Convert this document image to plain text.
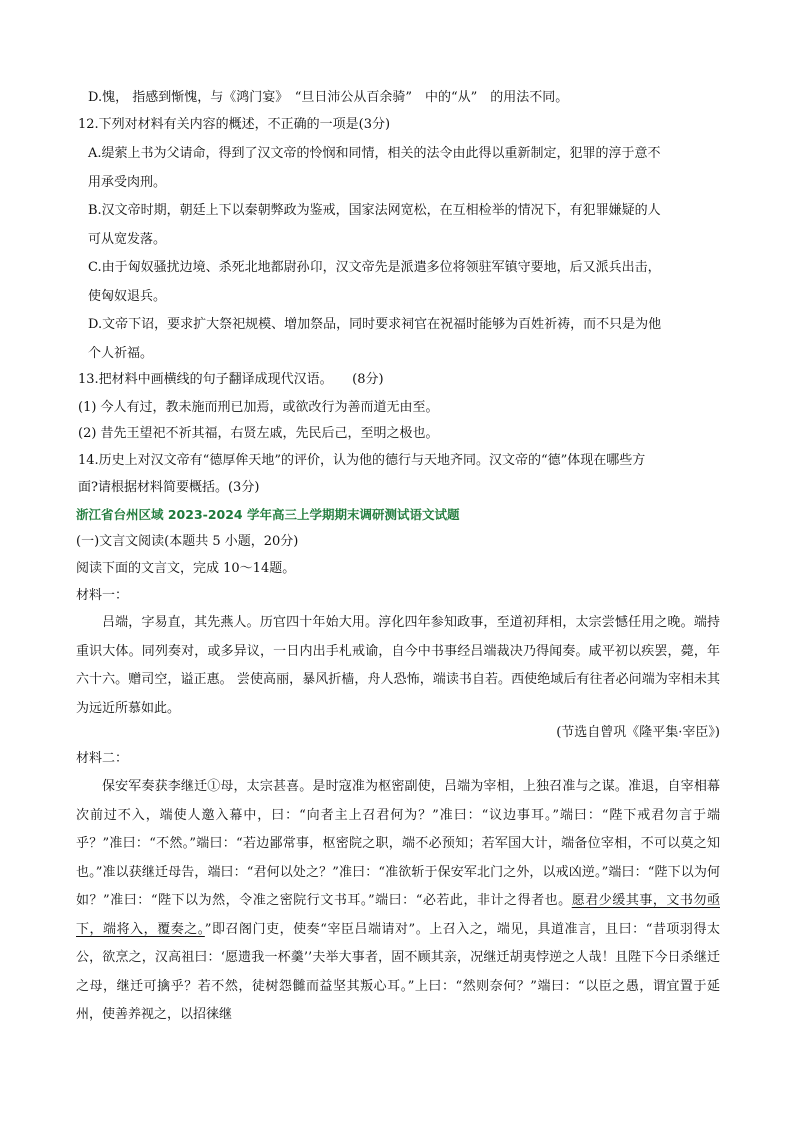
D.愧， 指感到惭愧，与《鸿门宴》　“旦日沛公从百余骑”　中的“从”　的用法不同。
12.下列对材料有关内容的概述，不正确的一项是(3分)
A.缇萦上书为父请命，得到了汉文帝的怜悯和同情，相关的法令由此得以重新制定，犯罪的淳于意不
用承受肉刑。
B.汉文帝时期，朝廷上下以秦朝弊政为鉴戒，国家法网宽松，在互相检举的情况下，有犯罪嫌疑的人
可从宽发落。
C.由于匈奴骚扰边境、杀死北地都尉孙卬，汉文帝先是派遣多位将领驻军镇守要地，后又派兵出击，
使匈奴退兵。
D.文帝下诏，要求扩大祭祀规模、增加祭品，同时要求祠官在祝福时能够为百姓祈祷，而不只是为他
个人祈福。
13.把材料中画横线的句子翻译成现代汉语。　　(8分)
(1) 今人有过，教未施而刑已加焉，或欲改行为善而道无由至。
(2) 昔先王望祀不祈其福，右贤左戚，先民后己，至明之极也。
14.历史上对汉文帝有“德厚侔天地”的评价，认为他的德行与天地齐同。汉文帝的“德”体现在哪些方
面?请根据材料简要概括。(3分)
浙江省台州区域 2023-2024 学年高三上学期期末调研测试语文试题
(一)文言文阅读(本题共 5 小题，20分)
阅读下面的文言文，完成 10～14题。
材料一：
吕端，字易直，其先燕人。历官四十年始大用。淳化四年参知政事，至道初拜相，太宗尝憾任用之晚。端持重识大体。同列奏对，或多异议，一日内出手札戒谕，自今中书事经吕端裁决乃得闻奏。咸平初以疾罢，薨，年六十六。赠司空，谥正惠。 尝使高丽，暴风折樯，舟人恐怖，端读书自若。西使绝域后有往者必问端为宰相未其为远近所慕如此。
(节选自曾巩《隆平集·宰臣》)
材料二：
保安军奏获李继迁①母，太宗甚喜。是时寇准为枢密副使，吕端为宰相，上独召准与之谋。准退，自宰相幕次前过不入，端使人邀入幕中，曰：“向者主上召君何为？”准曰：“议边事耳。”端曰：“陛下戒君勿言于端乎？”准曰：“不然。”端曰：“若边鄙常事，枢密院之职，端不必预知；若军国大计，端备位宰相，不可以莫之知也。”准以获继迁母告，端曰：“君何以处之？”准曰：“准欲斩于保安军北门之外，以戒凶逆。”端曰：“陛下以为何如？”准曰：“陛下以为然，令准之密院行文书耳。”端曰：“必若此，非计之得者也。愿君少缓其事，文书勿亟下，端将入，覆奏之。”即召阁门吏，使奏“宰臣吕端请对”。上召入之，端见，具道准言，且曰：“昔项羽得太公，欲烹之，汉高祖曰：‘愿遗我一杯羹’’夫举大事者，固不顾其亲，况继迁胡夷悖逆之人哉！且陛下今日杀继迁之母，继迁可擒乎？若不然，徒树怨雠而益坚其叛心耳。”上曰：“然则奈何？”端曰：“以臣之愚，谓宜置于延州，使善养视之，以招徕继
